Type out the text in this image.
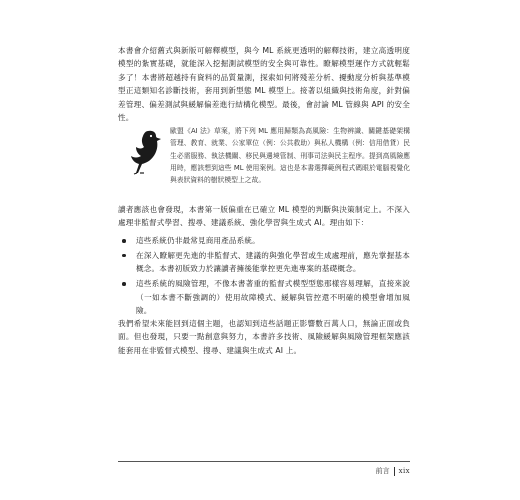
本書會介紹舊式與新版可解釋模型，與今 ML 系統更透明的解釋技術，建立高透明度模型的紮實基礎，就能深入挖掘測試模型的安全與可靠性。瞭解模型運作方式就輕鬆多了！本書將超越持有資料的品質量測，探索如何將殘差分析、擾動度分析與基準模型正這類知名診斷技術，套用到新型態 ML 模型上。接著以組織與技術角度，針對偏差管理、偏差測試與緩解偏差進行結構化模型。最後，會討論 ML 管線與 API 的安全性。

歐盟《AI 法》草案，將下列 ML 應用歸類為高風險：生物辨識、關鍵基礎架構管理、教育、就業、公家單位（例：公共救助）與私人機構（例：信用借貸）民生必需服務、執法機關、移民與邊境管制、刑事司法與民主程序。提到高風險應用時，應該想到這些 ML 使用案例。這也是本書選擇範例程式碼眼於電腦視覺化與表狀資料的樹狀模型上之故。

讀者應該也會發現，本書第一版偏重在已確立 ML 模型的判斷與決策制定上。不深入處理非監督式學習、搜尋、建議系統、強化學習與生成式 AI。理由如下：

這些系統仍非最常見商用產品系統。
在深入瞭解更先進的非監督式、建議的與強化學習或生成處理前，應先掌握基本概念。本書初版致力於讓讀者擁後能掌控更先進專案的基礎概念。
這些系統的風險管理，不像本書著重的監督式模型型態那樣容易理解，直接來說（一如本書不斷強調的）使用故障模式、緩解與管控還不明確的模型會增加風險。

我們希望未來能回到這個主題，也認知到這些話題正影響數百萬人口，無論正面或負面。但也發現，只要一點創意與努力，本書許多技術、風險緩解與風險管理框架應該能套用在非監督式模型、搜尋、建議與生成式 AI 上。

前言 xix
